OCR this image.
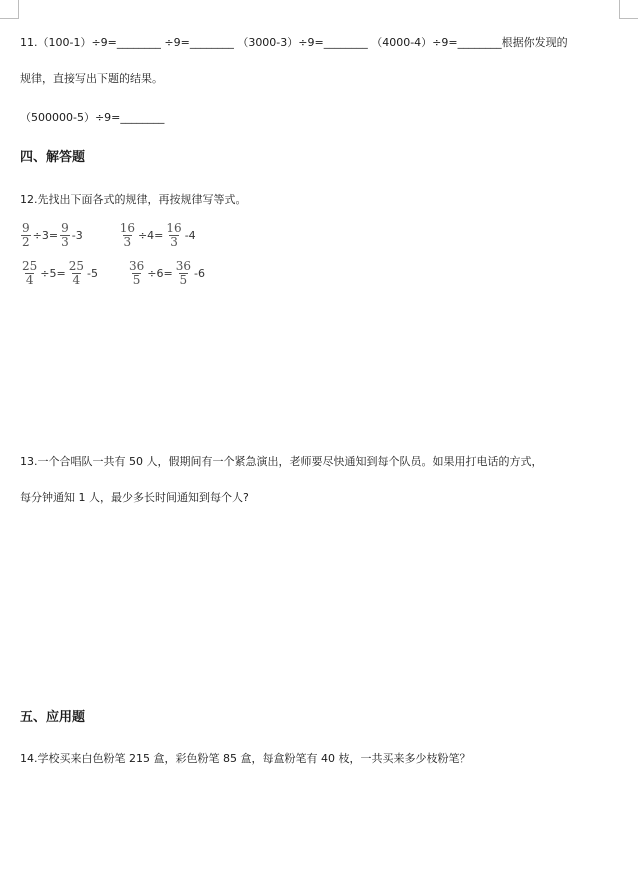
11.（100-1）÷9=________ ÷9=________ （3000-3）÷9=________ （4000-4）÷9=________根据你发现的
规律，直接写出下题的结果。
（500000-5）÷9=________
四、解答题
12.先找出下面各式的规律，再按规律写等式。
$\frac{9}{2} \div 3= \frac{9}{3} -3$	$\frac{16}{3} \div 4= \frac{16}{3} -4$
$\frac{25}{4} \div 5= \frac{25}{4} -5$	$\frac{36}{5} \div 6= \frac{36}{5} -6$
13.一个合唱队一共有 50 人，假期间有一个紧急演出，老师要尽快通知到每个队员。如果用打电话的方式，
每分钟通知 1 人，最少多长时间通知到每个人?
五、应用题
14.学校买来白色粉笔 215 盒，彩色粉笔 85 盒，每盒粉笔有 40 枝，一共买来多少枝粉笔？
